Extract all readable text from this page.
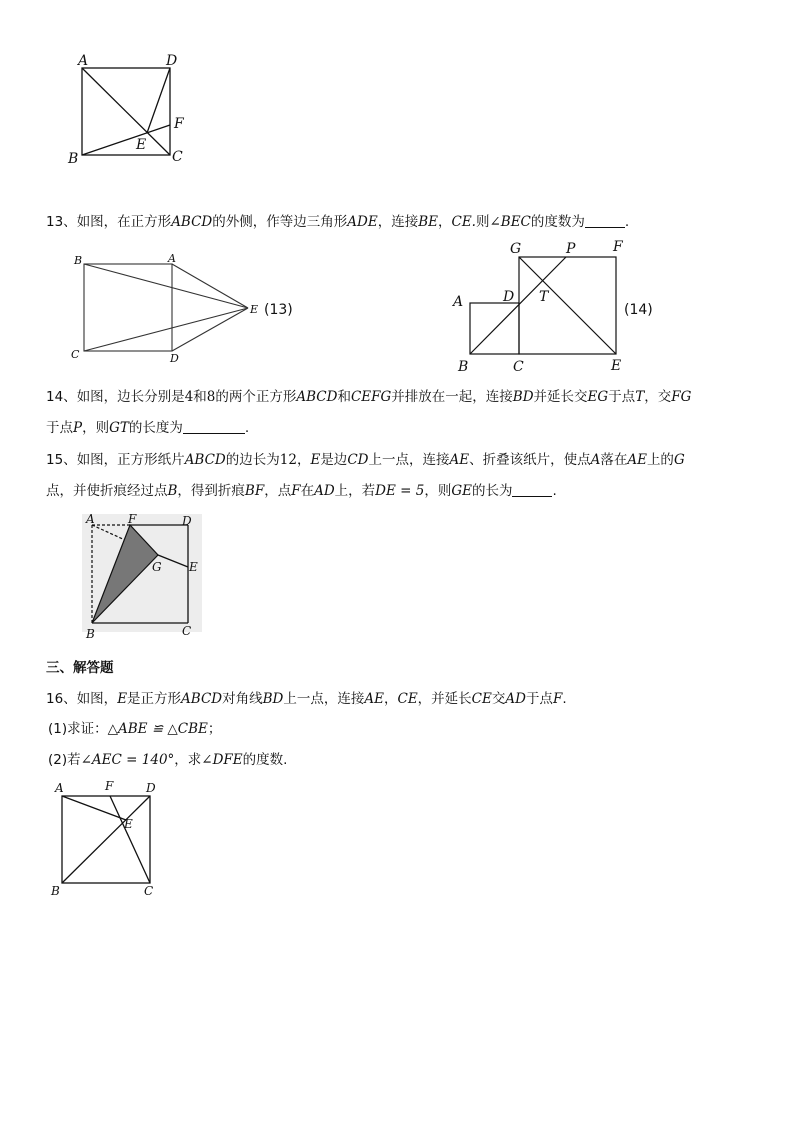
A	D
F
B
E
C
13、如图，在正方形ABCD的外侧，作等边三角形ADE，连接BE，CE.则∠BEC的度数为	.
B	A
E
C	D
(13)
G	P	F
A	D T
B	C	E
(14)
14、如图，边长分别是4和8的两个正方形ABCD和CEFG并排放在一起，连接BD并延长交EG于点T，交FG
于点P，则GT的长度为	.
15、如图，正方形纸片ABCD的边长为12，E是边CD上一点，连接AE、折叠该纸片，使点A落在AE上的G
点，并使折痕经过点B，得到折痕BF，点F在AD上，若DE = 5，则GE的长为	.
A	F	D
G E
B	C
三、解答题
16、如图，E是正方形ABCD对角线BD上一点，连接AE，CE，并延长CE交AD于点F.
(1)求证：△ABE ≌ △CBE；
(2)若∠AEC = 140°，求∠DFE的度数.
A	F	D
E
B	C
